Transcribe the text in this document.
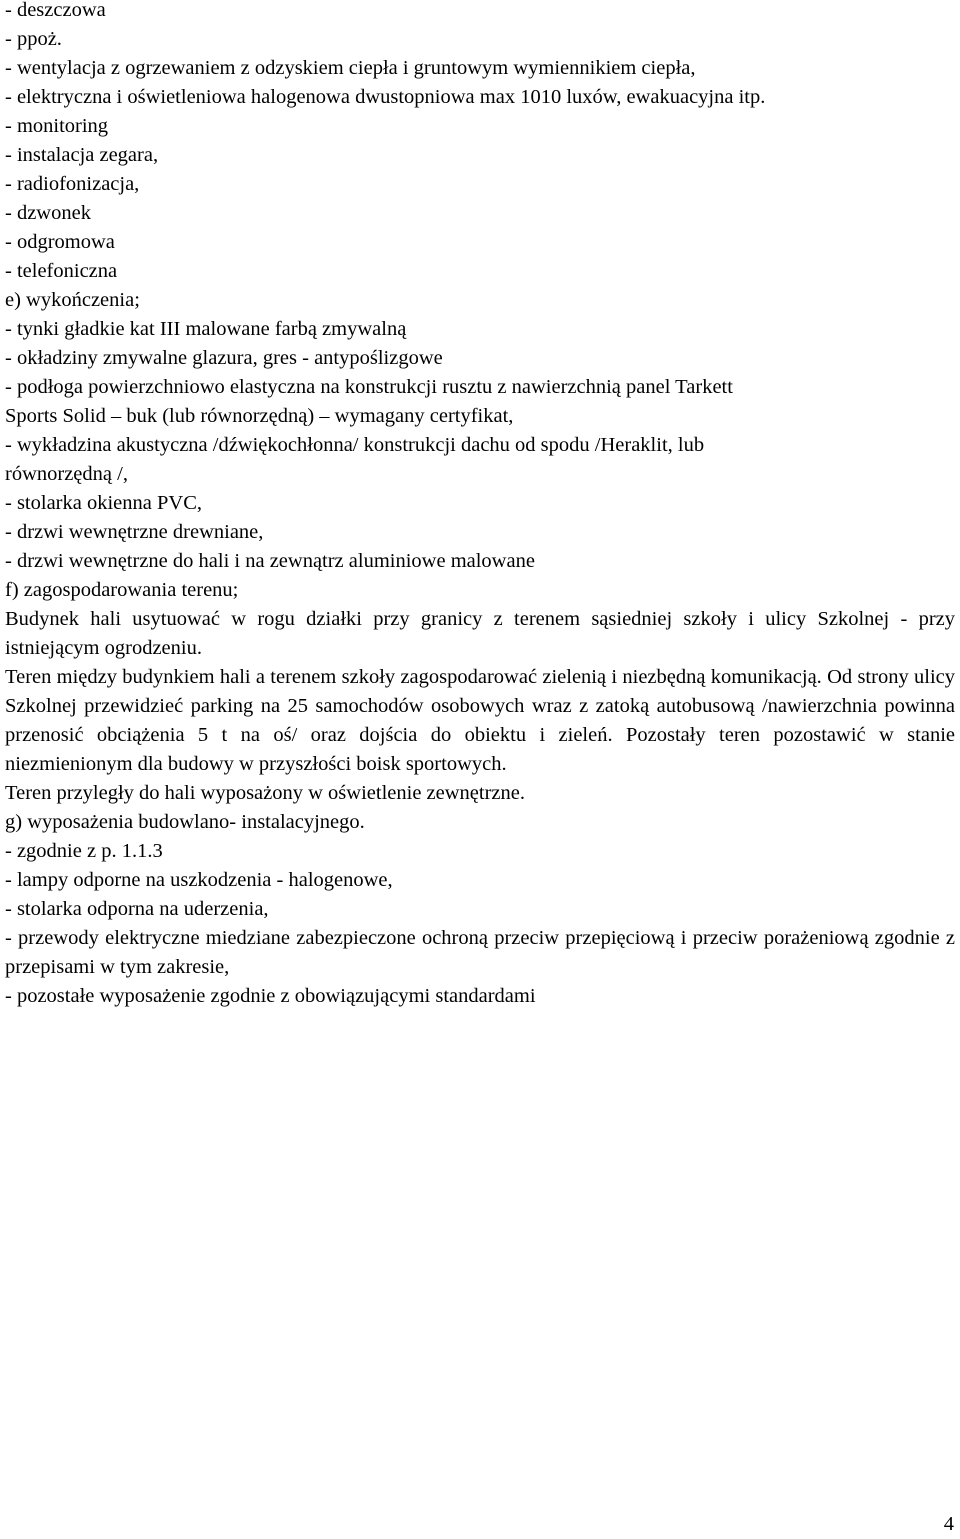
- deszczowa
- ppoż.
- wentylacja z ogrzewaniem z odzyskiem ciepła i gruntowym wymiennikiem ciepła,
- elektryczna i oświetleniowa halogenowa dwustopniowa max 1010 luxów, ewakuacyjna itp.
- monitoring
- instalacja zegara,
- radiofonizacja,
- dzwonek
- odgromowa
- telefoniczna
e) wykończenia;
- tynki gładkie kat III malowane farbą zmywalną
- okładziny zmywalne glazura, gres - antypoślizgowe
- podłoga powierzchniowo elastyczna na konstrukcji rusztu z nawierzchnią panel Tarkett
Sports Solid – buk (lub równorzędną) – wymagany certyfikat,
- wykładzina akustyczna /dźwiękochłonna/ konstrukcji dachu od spodu /Heraklit, lub
równorzędną /,
- stolarka okienna PVC,
- drzwi wewnętrzne drewniane,
- drzwi wewnętrzne do hali i na zewnątrz aluminiowe malowane
f) zagospodarowania terenu;
Budynek hali usytuować w rogu działki przy granicy z terenem sąsiedniej szkoły i ulicy Szkolnej - przy istniejącym ogrodzeniu.
Teren między budynkiem hali a terenem szkoły zagospodarować zielenią i niezbędną komunikacją. Od strony ulicy Szkolnej przewidzieć parking na 25 samochodów osobowych wraz z zatoką autobusową /nawierzchnia powinna przenosić obciążenia 5 t na oś/ oraz dojścia do obiektu i zieleń. Pozostały teren pozostawić w stanie niezmienionym dla budowy w przyszłości boisk sportowych.
Teren przyległy do hali wyposażony w oświetlenie zewnętrzne.
g) wyposażenia budowlano- instalacyjnego.
- zgodnie z p. 1.1.3
- lampy odporne na uszkodzenia - halogenowe,
- stolarka odporna na uderzenia,
- przewody elektryczne miedziane zabezpieczone ochroną przeciw przepięciową i przeciw porażeniową zgodnie z przepisami w tym zakresie,
- pozostałe wyposażenie zgodnie z obowiązującymi standardami
4
